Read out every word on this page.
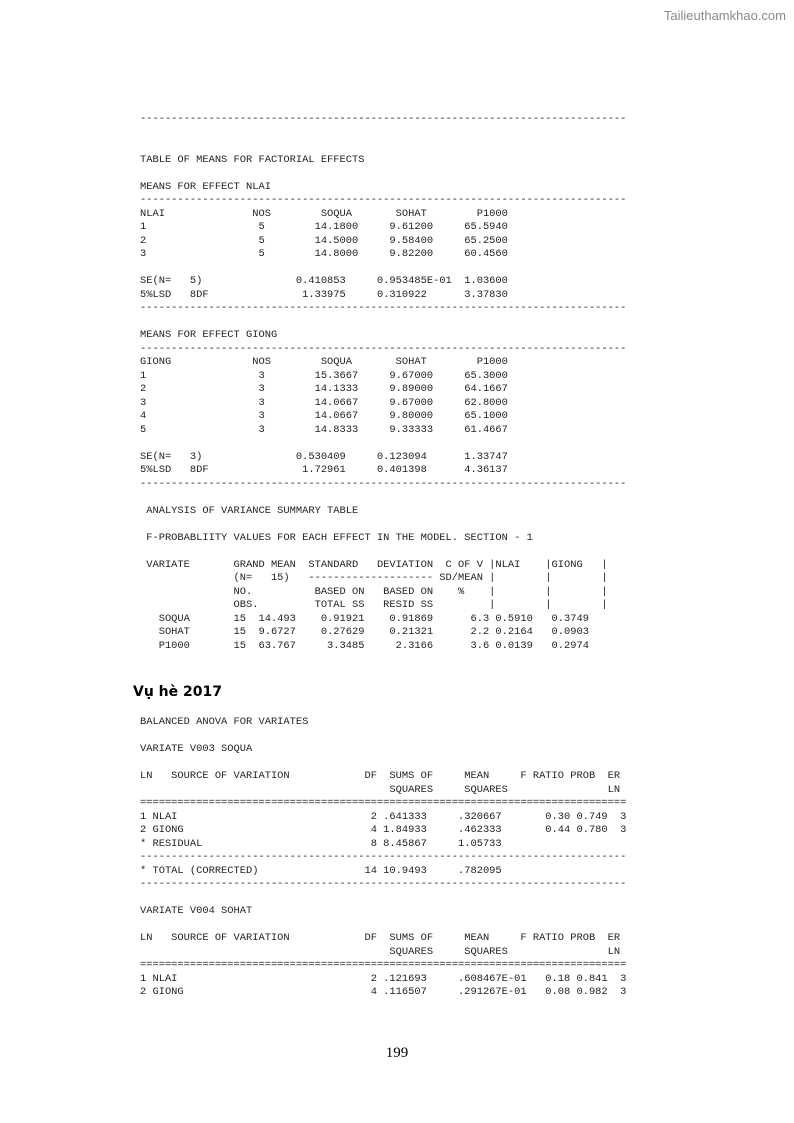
Tailieuthamkhao.com
------------------------------------------------------------------------------

TABLE OF MEANS FOR FACTORIAL EFFECTS

MEANS FOR EFFECT NLAI
------------------------------------------------------------------------------
NLAI              NOS        SOQUA       SOHAT        P1000
1                  5        14.1800     9.61200     65.5940
2                  5        14.5000     9.58400     65.2500
3                  5        14.8000     9.82200     60.4560

SE(N=   5)               0.410853     0.953485E-01  1.03600
5%LSD   8DF               1.33975     0.310922      3.37830
------------------------------------------------------------------------------

MEANS FOR EFFECT GIONG
------------------------------------------------------------------------------
GIONG             NOS        SOQUA       SOHAT        P1000
1                  3        15.3667     9.67000     65.3000
2                  3        14.1333     9.89000     64.1667
3                  3        14.0667     9.67000     62.8000
4                  3        14.0667     9.80000     65.1000
5                  3        14.8333     9.33333     61.4667

SE(N=   3)               0.530409     0.123094      1.33747
5%LSD   8DF               1.72961     0.401398      4.36137
------------------------------------------------------------------------------

ANALYSIS OF VARIANCE SUMMARY TABLE

F-PROBABLIITY VALUES FOR EACH EFFECT IN THE MODEL. SECTION - 1

VARIATE       GRAND MEAN  STANDARD   DEVIATION  C OF V |NLAI    |GIONG   |
(N=   15)   -------------------- SD/MEAN |        |        |
NO.          BASED ON   BASED ON    %    |        |        |
OBS.         TOTAL SS   RESID SS         |        |        |
SOQUA       15  14.493    0.91921    0.91869      6.3 0.5910   0.3749
SOHAT       15  9.6727    0.27629    0.21321      2.2 0.2164   0.0903
P1000       15  63.767     3.3485     2.3166      3.6 0.0139   0.2974
Vụ hè 2017
BALANCED ANOVA FOR VARIATES

VARIATE V003 SOQUA

LN   SOURCE OF VARIATION            DF  SUMS OF     MEAN     F RATIO PROB  ER
SQUARES     SQUARES                LN
==============================================================================
1 NLAI                               2 .641333     .320667       0.30 0.749  3
2 GIONG                              4 1.84933     .462333       0.44 0.780  3
* RESIDUAL                           8 8.45867     1.05733
------------------------------------------------------------------------------
* TOTAL (CORRECTED)                 14 10.9493     .782095
------------------------------------------------------------------------------

VARIATE V004 SOHAT

LN   SOURCE OF VARIATION            DF  SUMS OF     MEAN     F RATIO PROB  ER
SQUARES     SQUARES                LN
==============================================================================
1 NLAI                               2 .121693     .608467E-01   0.18 0.841  3
2 GIONG                              4 .116507     .291267E-01   0.08 0.982  3
199
